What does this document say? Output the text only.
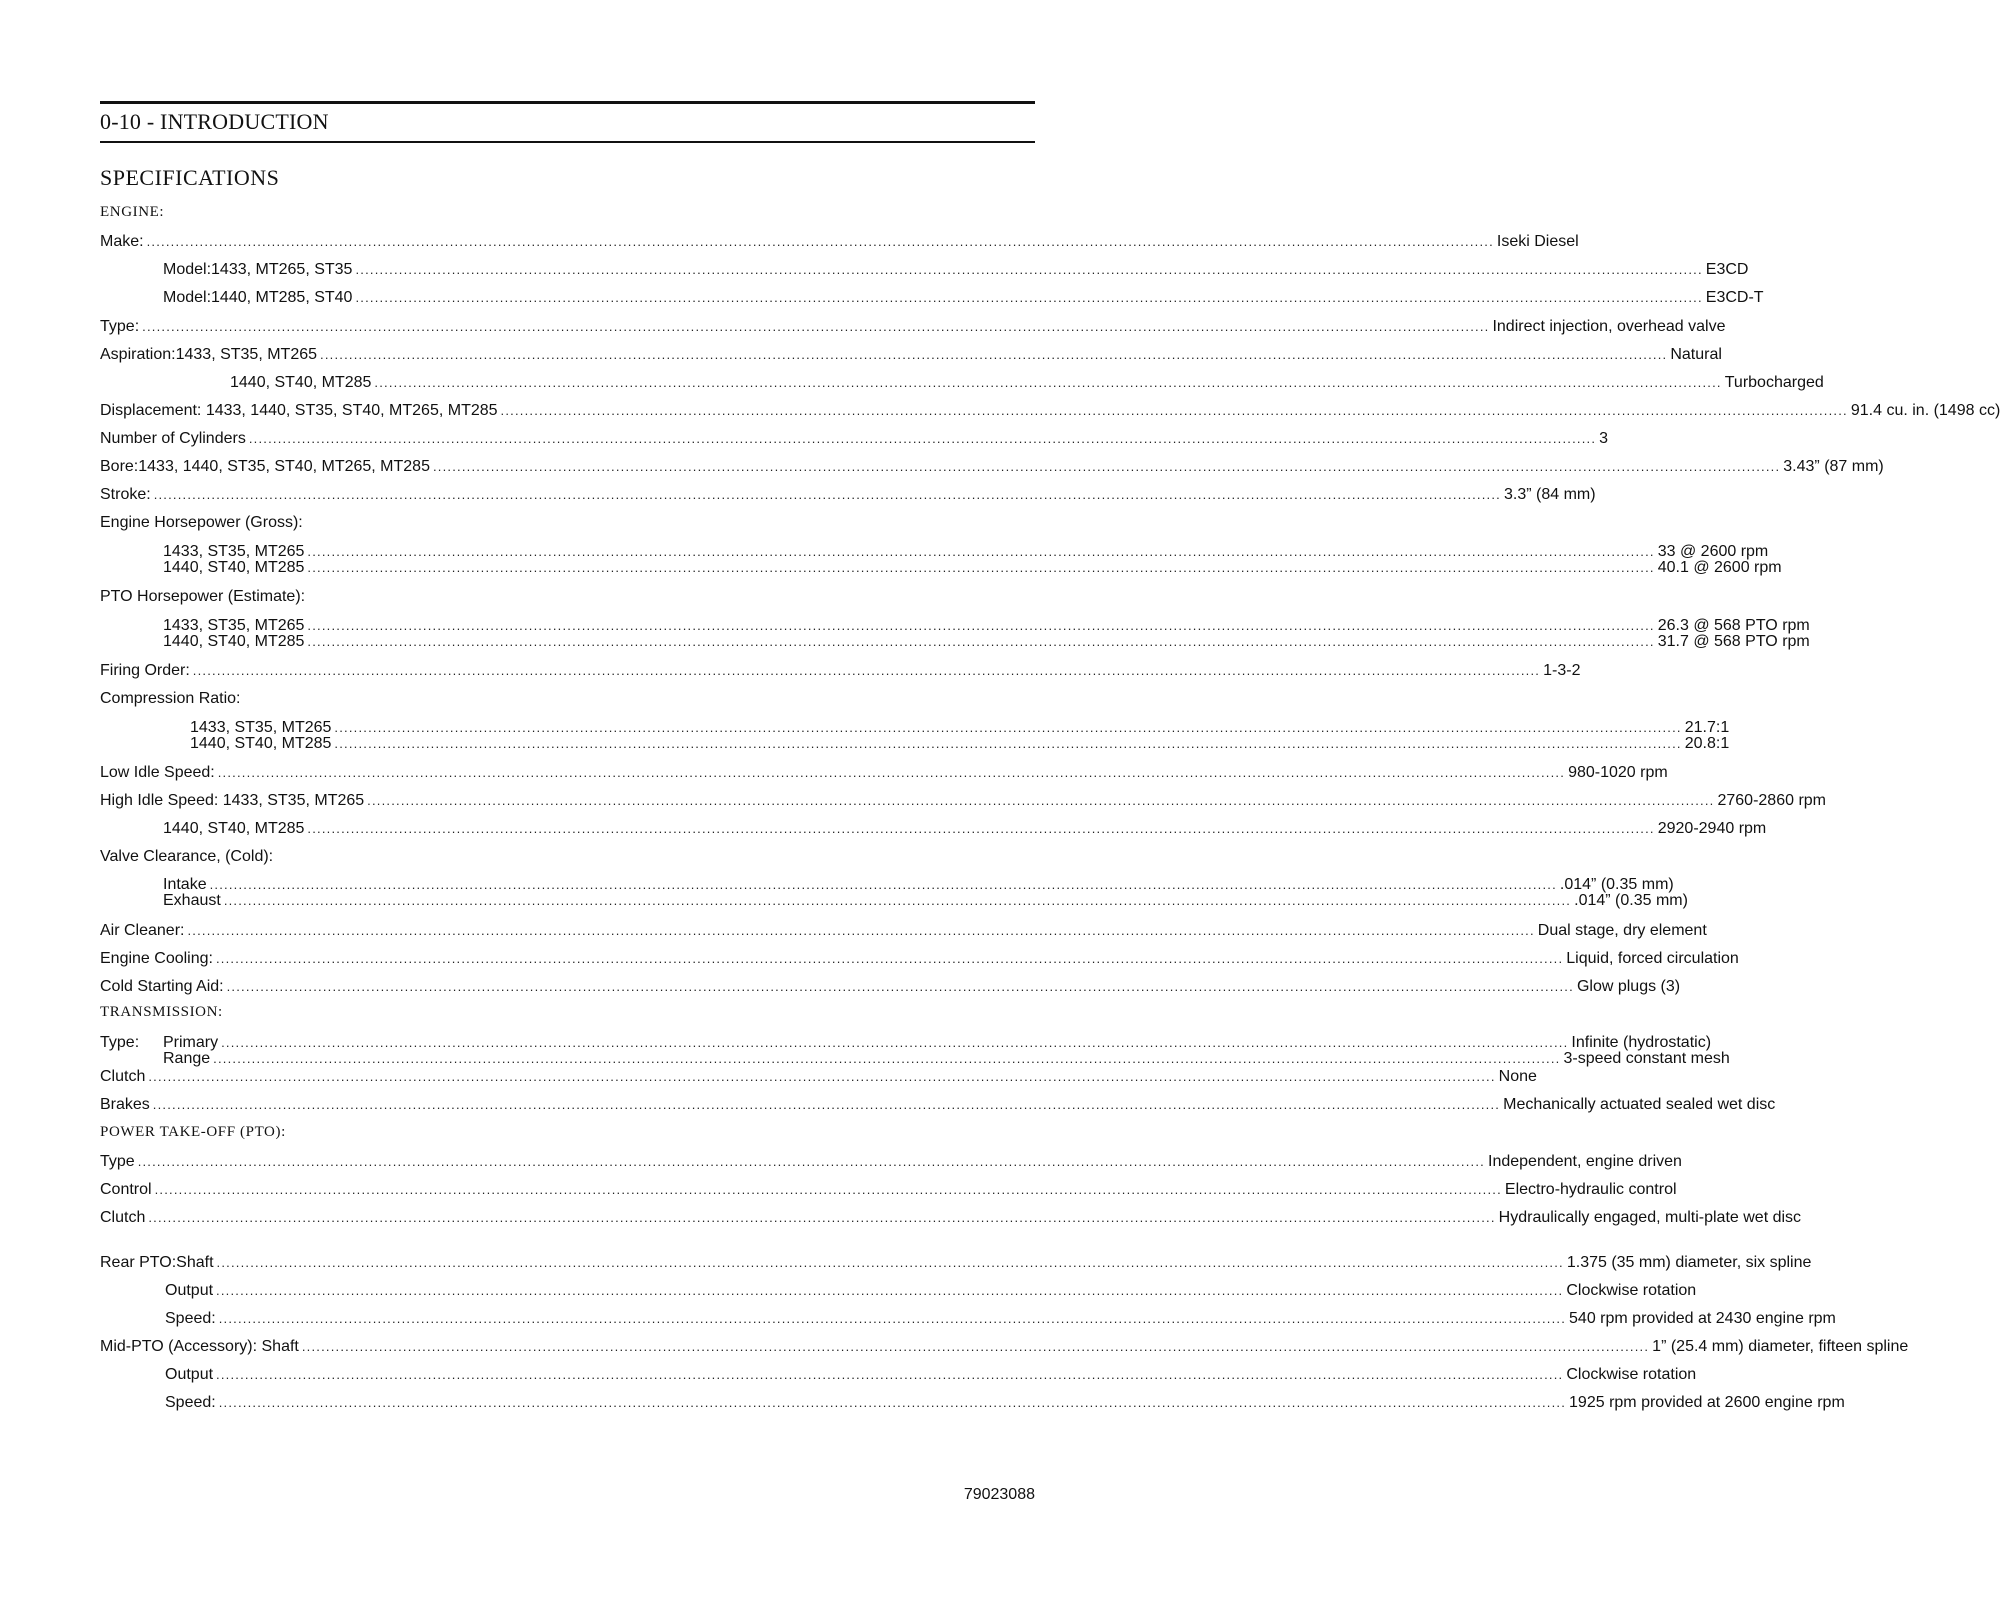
0-10 - INTRODUCTION
SPECIFICATIONS
ENGINE:
Make: ........................................................................................................................................................................................................................................................................................ Iseki Diesel
Model: 1433, MT265, ST35 ........................................................................................................................................................................................................................................................................................ E3CD
Model: 1440, MT285, ST40 ........................................................................................................................................................................................................................................................................................ E3CD-T
Type: ........................................................................................................................................................................................................................................................................................ Indirect injection, overhead valve
Aspiration: 1433, ST35, MT265 ........................................................................................................................................................................................................................................................................................ Natural
1440, ST40, MT285 ........................................................................................................................................................................................................................................................................................ Turbocharged
Displacement: 1433, 1440, ST35, ST40, MT265, MT285 ........................................................................................................................................................................................................................................................................................ 91.4 cu. in. (1498 cc)
Number of Cylinders ........................................................................................................................................................................................................................................................................................ 3
Bore: 1433, 1440, ST35, ST40, MT265, MT285 ........................................................................................................................................................................................................................................................................................ 3.43” (87 mm)
Stroke: ........................................................................................................................................................................................................................................................................................ 3.3” (84 mm)
Engine Horsepower (Gross):
1433, ST35, MT265 ........................................................................................................................................................................................................................................................................................ 33 @ 2600 rpm
1440, ST40, MT285 ........................................................................................................................................................................................................................................................................................ 40.1 @ 2600 rpm
PTO Horsepower (Estimate):
1433, ST35, MT265 ........................................................................................................................................................................................................................................................................................ 26.3 @ 568 PTO rpm
1440, ST40, MT285 ........................................................................................................................................................................................................................................................................................ 31.7 @ 568 PTO rpm
Firing Order: ........................................................................................................................................................................................................................................................................................ 1-3-2
Compression Ratio:
1433, ST35, MT265 ........................................................................................................................................................................................................................................................................................ 21.7:1
1440, ST40, MT285 ........................................................................................................................................................................................................................................................................................ 20.8:1
Low Idle Speed: ........................................................................................................................................................................................................................................................................................ 980-1020 rpm
High Idle Speed: 1433, ST35, MT265 ........................................................................................................................................................................................................................................................................................ 2760-2860 rpm
1440, ST40, MT285 ........................................................................................................................................................................................................................................................................................ 2920-2940 rpm
Valve Clearance, (Cold):
Intake ........................................................................................................................................................................................................................................................................................ .014” (0.35 mm)
Exhaust ........................................................................................................................................................................................................................................................................................ .014” (0.35 mm)
Air Cleaner: ........................................................................................................................................................................................................................................................................................ Dual stage, dry element
Engine Cooling: ........................................................................................................................................................................................................................................................................................ Liquid, forced circulation
Cold Starting Aid: ........................................................................................................................................................................................................................................................................................ Glow plugs (3)
TRANSMISSION:
Type: Primary ........................................................................................................................................................................................................................................................................................ Infinite (hydrostatic)
Range ........................................................................................................................................................................................................................................................................................ 3-speed constant mesh
Clutch ........................................................................................................................................................................................................................................................................................ None
Brakes ........................................................................................................................................................................................................................................................................................ Mechanically actuated sealed wet disc
POWER TAKE-OFF (PTO):
Type ........................................................................................................................................................................................................................................................................................ Independent, engine driven
Control ........................................................................................................................................................................................................................................................................................ Electro-hydraulic control
Clutch ........................................................................................................................................................................................................................................................................................ Hydraulically engaged, multi-plate wet disc
Rear PTO: Shaft ........................................................................................................................................................................................................................................................................................ 1.375 (35 mm) diameter, six spline
Output ........................................................................................................................................................................................................................................................................................ Clockwise rotation
Speed: ........................................................................................................................................................................................................................................................................................ 540 rpm provided at 2430 engine rpm
Mid-PTO (Accessory): Shaft ........................................................................................................................................................................................................................................................................................ 1” (25.4 mm) diameter, fifteen spline
Output ........................................................................................................................................................................................................................................................................................ Clockwise rotation
Speed: ........................................................................................................................................................................................................................................................................................ 1925 rpm provided at 2600 engine rpm
79023088
